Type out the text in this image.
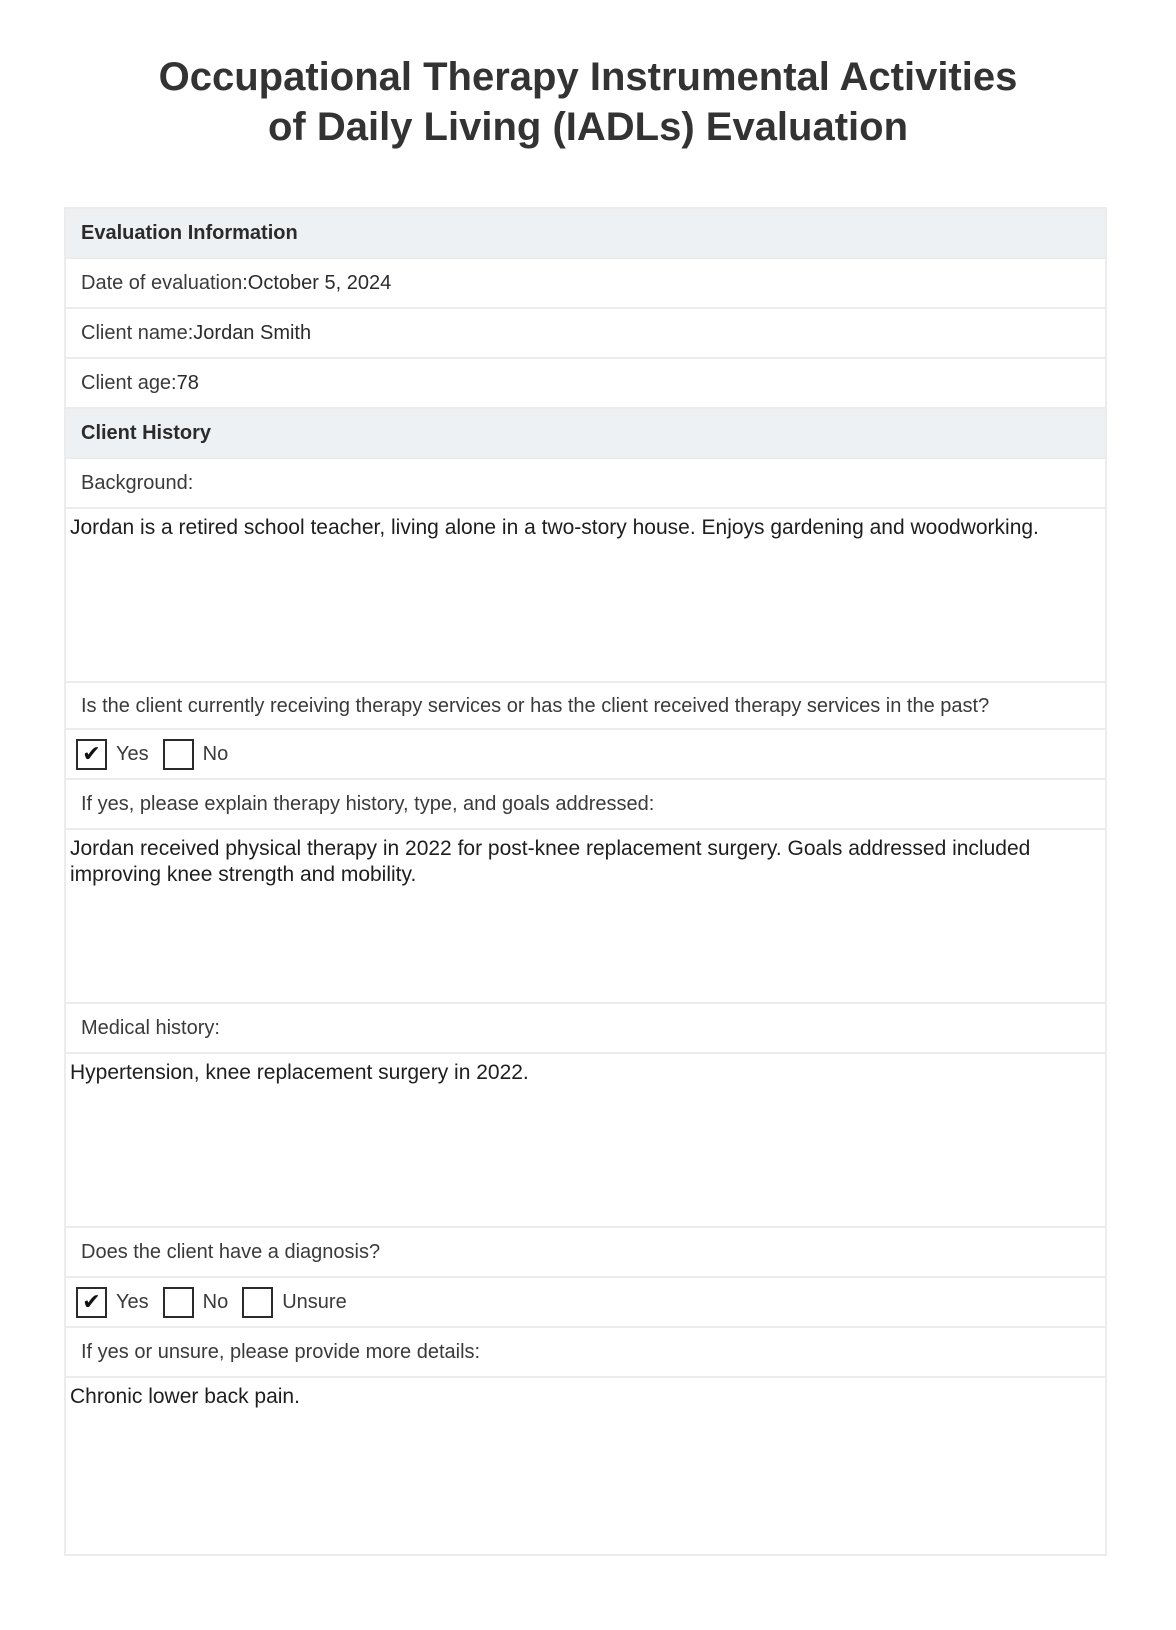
Occupational Therapy Instrumental Activities
of Daily Living (IADLs) Evaluation
Evaluation Information
Date of evaluation:October 5, 2024
Client name:Jordan Smith
Client age:78
Client History
Background:
Jordan is a retired school teacher, living alone in a two-story house. Enjoys gardening and woodworking.
Is the client currently receiving therapy services or has the client received therapy services in the past?
✔ Yes	No
If yes, please explain therapy history, type, and goals addressed:
Jordan received physical therapy in 2022 for post-knee replacement surgery. Goals addressed included improving knee strength and mobility.
Medical history:
Hypertension, knee replacement surgery in 2022.
Does the client have a diagnosis?
✔ Yes	No	Unsure
If yes or unsure, please provide more details:
Chronic lower back pain.
